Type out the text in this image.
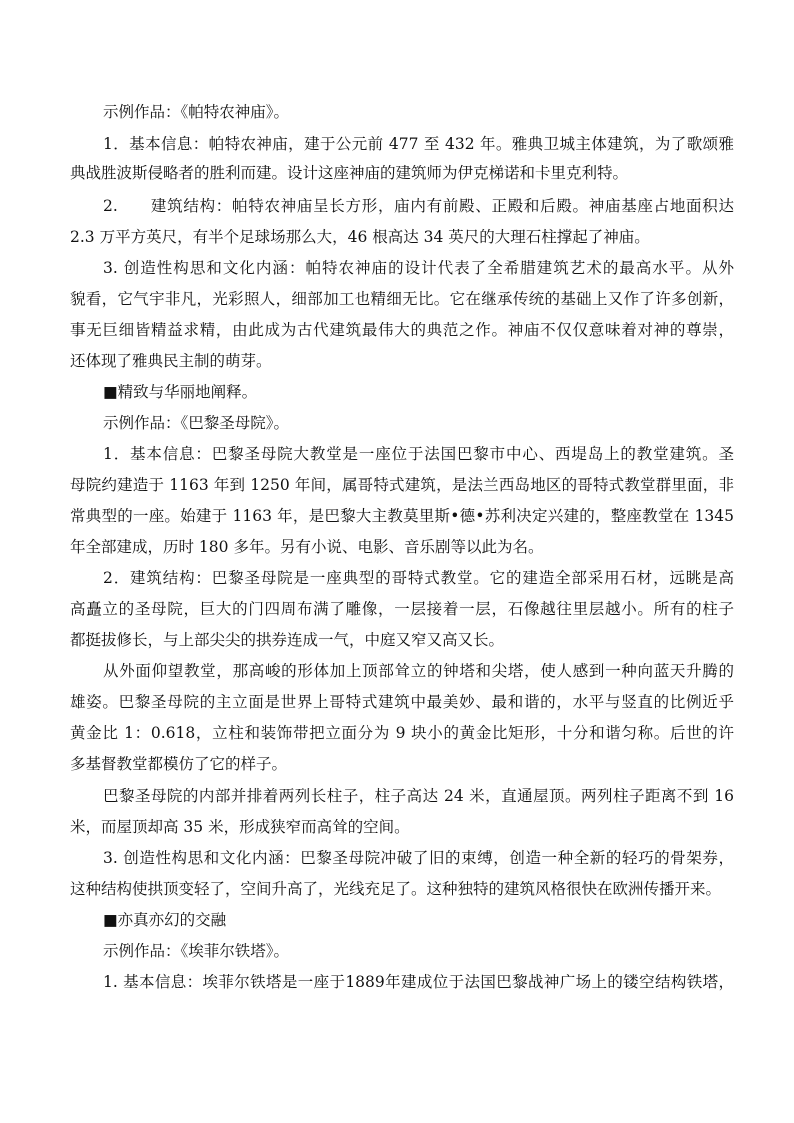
示例作品：《帕特农神庙》。
1．基本信息：帕特农神庙，建于公元前 477 至 432 年。雅典卫城主体建筑，为了歌颂雅
典战胜波斯侵略者的胜利而建。设计这座神庙的建筑师为伊克梯诺和卡里克利特。
2.　　建筑结构：帕特农神庙呈长方形，庙内有前殿、正殿和后殿。神庙基座占地面积达
2.3 万平方英尺，有半个足球场那么大，46 根高达 34 英尺的大理石柱撑起了神庙。
3. 创造性构思和文化内涵：帕特农神庙的设计代表了全希腊建筑艺术的最高水平。从外
貌看，它气宇非凡，光彩照人，细部加工也精细无比。它在继承传统的基础上又作了许多创新，
事无巨细皆精益求精，由此成为古代建筑最伟大的典范之作。神庙不仅仅意味着对神的尊崇，
还体现了雅典民主制的萌芽。
■精致与华丽地阐释。
示例作品：《巴黎圣母院》。
1．基本信息：巴黎圣母院大教堂是一座位于法国巴黎市中心、西堤岛上的教堂建筑。圣
母院约建造于 1163 年到 1250 年间，属哥特式建筑，是法兰西岛地区的哥特式教堂群里面，非
常典型的一座。始建于 1163 年，是巴黎大主教莫里斯•德•苏利决定兴建的，整座教堂在 1345
年全部建成，历时 180 多年。另有小说、电影、音乐剧等以此为名。
2．建筑结构：巴黎圣母院是一座典型的哥特式教堂。它的建造全部采用石材，远眺是高
高矗立的圣母院，巨大的门四周布满了雕像，一层接着一层，石像越往里层越小。所有的柱子
都挺拔修长，与上部尖尖的拱券连成一气，中庭又窄又高又长。
从外面仰望教堂，那高峻的形体加上顶部耸立的钟塔和尖塔，使人感到一种向蓝天升腾的
雄姿。巴黎圣母院的主立面是世界上哥特式建筑中最美妙、最和谐的，水平与竖直的比例近乎
黄金比 1：0.618，立柱和装饰带把立面分为 9 块小的黄金比矩形，十分和谐匀称。后世的许
多基督教堂都模仿了它的样子。
巴黎圣母院的内部并排着两列长柱子，柱子高达 24 米，直通屋顶。两列柱子距离不到 16
米，而屋顶却高 35 米，形成狭窄而高耸的空间。
3. 创造性构思和文化内涵：巴黎圣母院冲破了旧的束缚，创造一种全新的轻巧的骨架券，
这种结构使拱顶变轻了，空间升高了，光线充足了。这种独特的建筑风格很快在欧洲传播开来。
■亦真亦幻的交融
示例作品：《埃菲尔铁塔》。
1. 基本信息：埃菲尔铁塔是一座于1889年建成位于法国巴黎战神广场上的镂空结构铁塔，
